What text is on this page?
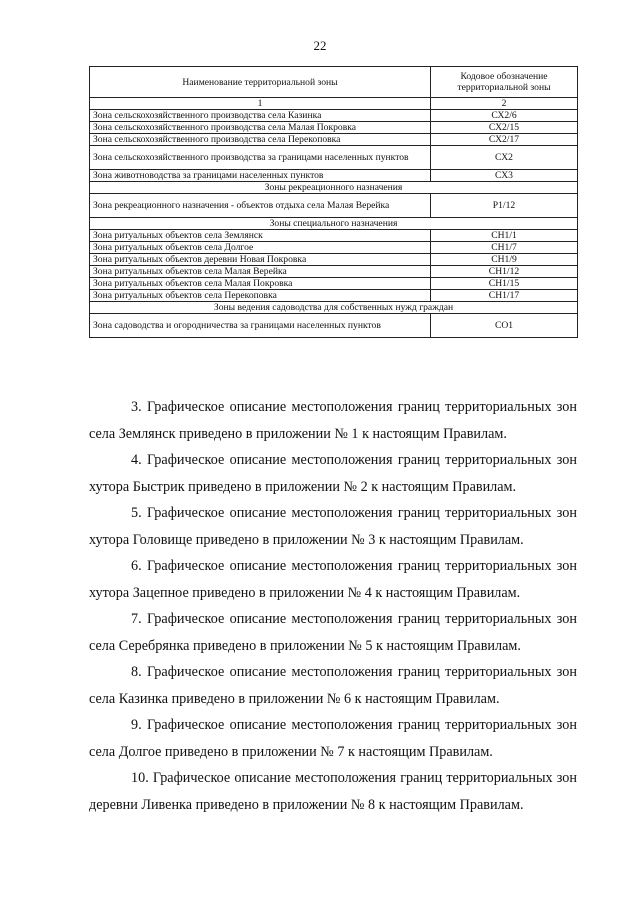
22
Наименование территориальной зоны	Кодовое обозначение территориальной зоны
1	2
Зона сельскохозяйственного производства села Казинка	СХ2/6
Зона сельскохозяйственного производства села Малая Покровка	СХ2/15
Зона сельскохозяйственного производства села Перекоповка	СХ2/17
Зона сельскохозяйственного производства за границами населенных пунктов	СХ2
Зона животноводства за границами населенных пунктов	СХ3
Зоны рекреационного назначения	
Зона рекреационного назначения - объектов отдыха села Малая Верейка	Р1/12
Зоны специального назначения	
Зона ритуальных объектов села Землянск	СН1/1
Зона ритуальных объектов села Долгое	СН1/7
Зона ритуальных объектов деревни Новая Покровка	СН1/9
Зона ритуальных объектов села Малая Верейка	СН1/12
Зона ритуальных объектов села Малая Покровка	СН1/15
Зона ритуальных объектов села Перекоповка	СН1/17
Зоны ведения садоводства для собственных нужд граждан	
Зона садоводства и огородничества за границами населенных пунктов	СО1

3. Графическое описание местоположения границ территориальных зон села Землянск приведено в приложении № 1 к настоящим Правилам.

4. Графическое описание местоположения границ территориальных зон хутора Быстрик приведено в приложении № 2 к настоящим Правилам.

5. Графическое описание местоположения границ территориальных зон хутора Головище приведено в приложении № 3 к настоящим Правилам.

6. Графическое описание местоположения границ территориальных зон хутора Зацепное приведено в приложении № 4 к настоящим Правилам.

7. Графическое описание местоположения границ территориальных зон села Серебрянка приведено в приложении № 5 к настоящим Правилам.

8. Графическое описание местоположения границ территориальных зон села Казинка приведено в приложении № 6 к настоящим Правилам.

9. Графическое описание местоположения границ территориальных зон села Долгое приведено в приложении № 7 к настоящим Правилам.

10. Графическое описание местоположения границ территориальных зон деревни Ливенка приведено в приложении № 8 к настоящим Правилам.
